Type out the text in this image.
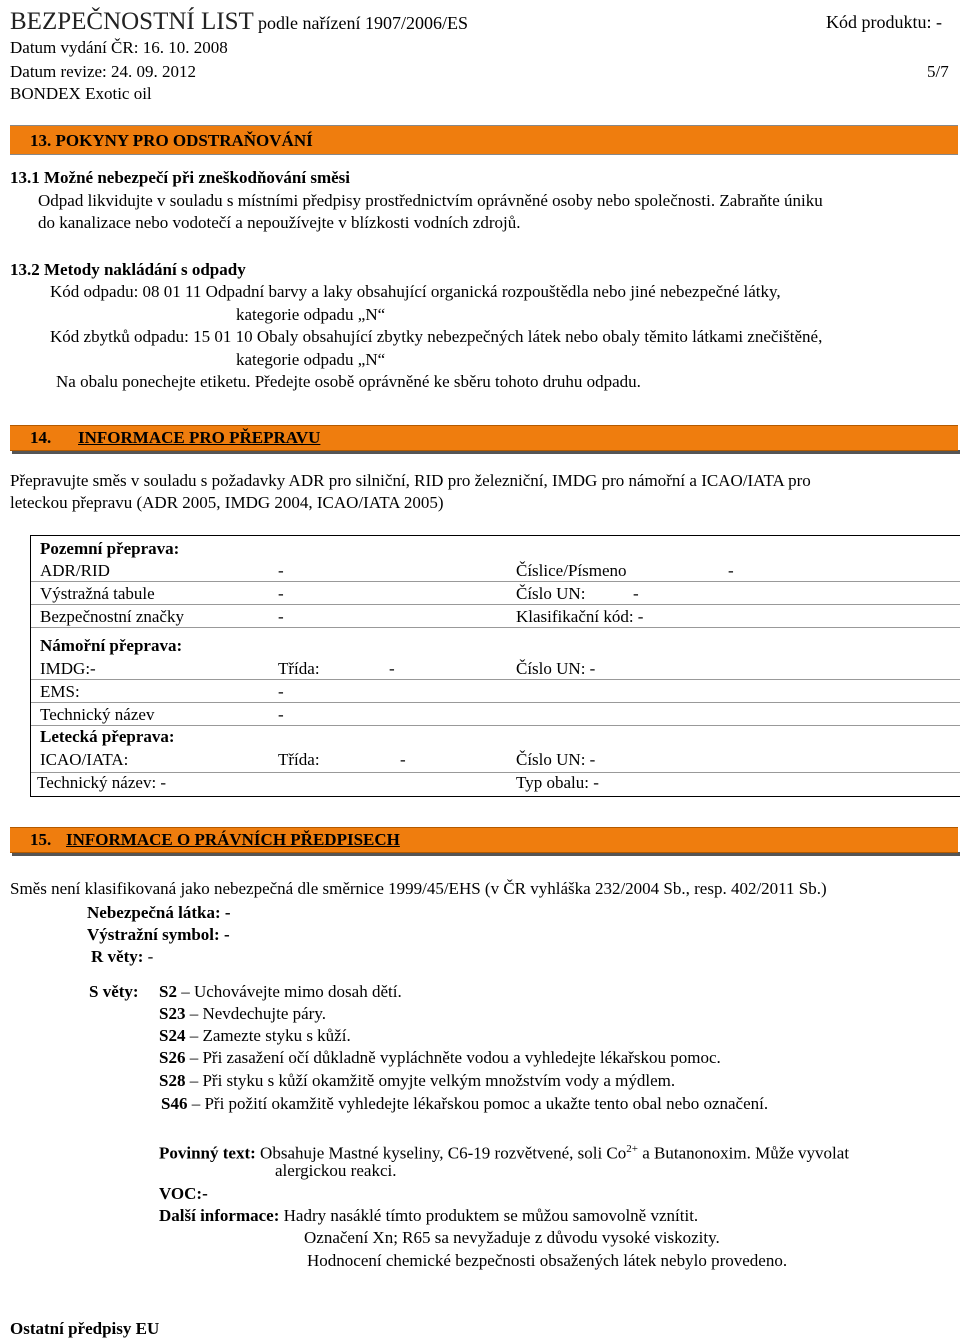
BEZPEČNOSTNÍ LIST podle nařízení 1907/2006/ES	Kód produktu: -
Datum vydání ČR: 16. 10. 2008
Datum revize: 24. 09. 2012	5/7
BONDEX Exotic oil
13. POKYNY PRO ODSTRAŇOVÁNÍ
13.1 Možné nebezpečí při zneškodňování směsi
Odpad likvidujte v souladu s místními předpisy prostřednictvím oprávněné osoby nebo společnosti. Zabraňte úniku
do kanalizace nebo vodotečí a nepoužívejte v blízkosti vodních zdrojů.
13.2 Metody nakládání s odpady
Kód odpadu: 08 01 11 Odpadní barvy a laky obsahující organická rozpouštědla nebo jiné nebezpečné látky,
kategorie odpadu „N“
Kód zbytků odpadu: 15 01 10 Obaly obsahující zbytky nebezpečných látek nebo obaly těmito látkami znečištěné,
kategorie odpadu „N“
Na obalu ponechejte etiketu. Předejte osobě oprávněné ke sběru tohoto druhu odpadu.
14. INFORMACE PRO PŘEPRAVU
Přepravujte směs v souladu s požadavky ADR pro silniční, RID pro železniční, IMDG pro námořní a ICAO/IATA pro
leteckou přepravu (ADR 2005, IMDG 2004, ICAO/IATA 2005)
Pozemní přeprava:
ADR/RID	-	Číslice/Písmeno	-
Výstražná tabule	-	Číslo UN:	-
Bezpečnostní značky	-	Klasifikační kód: -
Námořní přeprava:
IMDG:-	Třída:	-	Číslo UN: -
EMS:	-
Technický název	-
Letecká přeprava:
ICAO/IATA:	Třída:	-	Číslo UN: -
Technický název: -	Typ obalu: -
15. INFORMACE O PRÁVNÍCH PŘEDPISECH
Směs není klasifikovaná jako nebezpečná dle směrnice 1999/45/EHS (v ČR vyhláška 232/2004 Sb., resp. 402/2011 Sb.)
Nebezpečná látka: -
Výstražní symbol: -
R věty: -
S věty: S2 – Uchovávejte mimo dosah dětí.
S23 – Nevdechujte páry.
S24 – Zamezte styku s kůží.
S26 – Při zasažení očí důkladně vypláchněte vodou a vyhledejte lékařskou pomoc.
S28 – Při styku s kůží okamžitě omyjte velkým množstvím vody a mýdlem.
S46 – Při požití okamžitě vyhledejte lékařskou pomoc a ukažte tento obal nebo označení.
Povinný text: Obsahuje Mastné kyseliny, C6-19 rozvětvené, soli $Co^{2+}$ a Butanonoxim. Může vyvolat
alergickou reakci.
VOC:-
Další informace: Hadry nasáklé tímto produktem se můžou samovolně vznítit.
Označení Xn; R65 sa nevyžaduje z důvodu vysoké viskozity.
Hodnocení chemické bezpečnosti obsažených látek nebylo provedeno.
Ostatní předpisy EU
